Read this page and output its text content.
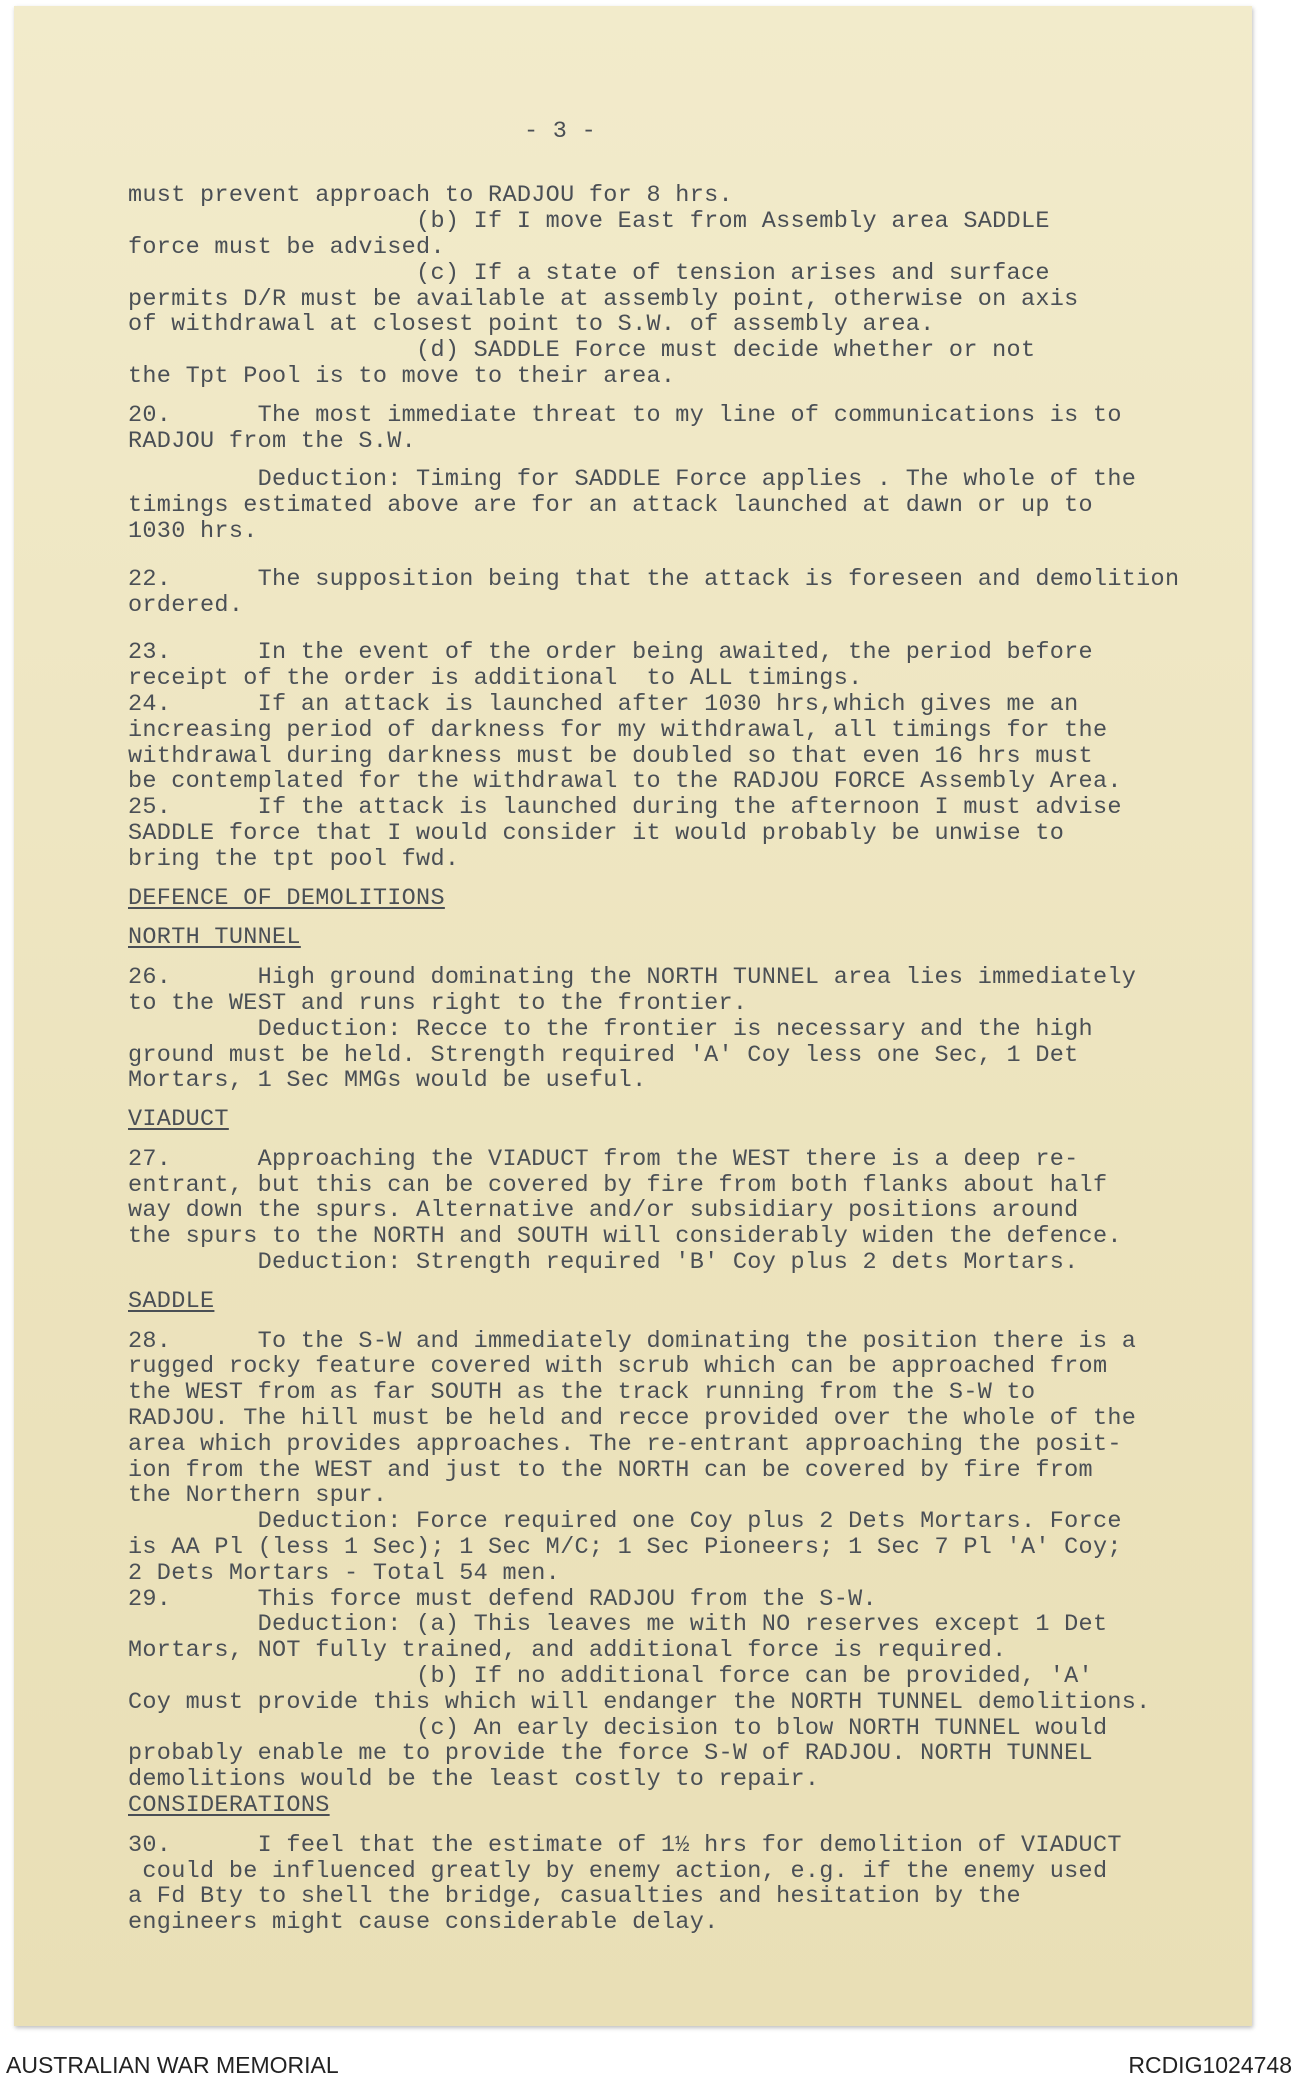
- 3 -

must prevent approach to RADJOU for 8 hrs.
(b) If I move East from Assembly area SADDLE
force must be advised.
(c) If a state of tension arises and surface
permits D/R must be available at assembly point, otherwise on axis
of withdrawal at closest point to S.W. of assembly area.
(d) SADDLE Force must decide whether or not
the Tpt Pool is to move to their area.
20.      The most immediate threat to my line of communications is to
RADJOU from the S.W.
Deduction: Timing for SADDLE Force applies . The whole of the
timings estimated above are for an attack launched at dawn or up to
1030 hrs.
22.      The supposition being that the attack is foreseen and demolition
ordered.
23.      In the event of the order being awaited, the period before
receipt of the order is additional  to ALL timings.
24.      If an attack is launched after 1030 hrs,which gives me an
increasing period of darkness for my withdrawal, all timings for the
withdrawal during darkness must be doubled so that even 16 hrs must
be contemplated for the withdrawal to the RADJOU FORCE Assembly Area.
25.      If the attack is launched during the afternoon I must advise
SADDLE force that I would consider it would probably be unwise to
bring the tpt pool fwd.
DEFENCE OF DEMOLITIONS
NORTH TUNNEL
26.      High ground dominating the NORTH TUNNEL area lies immediately
to the WEST and runs right to the frontier.
Deduction: Recce to the frontier is necessary and the high
ground must be held. Strength required 'A' Coy less one Sec, 1 Det
Mortars, 1 Sec MMGs would be useful.
VIADUCT
27.      Approaching the VIADUCT from the WEST there is a deep re-
entrant, but this can be covered by fire from both flanks about half
way down the spurs. Alternative and/or subsidiary positions around
the spurs to the NORTH and SOUTH will considerably widen the defence.
Deduction: Strength required 'B' Coy plus 2 dets Mortars.
SADDLE
28.      To the S-W and immediately dominating the position there is a
rugged rocky feature covered with scrub which can be approached from
the WEST from as far SOUTH as the track running from the S-W to
RADJOU. The hill must be held and recce provided over the whole of the
area which provides approaches. The re-entrant approaching the posit-
ion from the WEST and just to the NORTH can be covered by fire from
the Northern spur.
Deduction: Force required one Coy plus 2 Dets Mortars. Force
is AA Pl (less 1 Sec); 1 Sec M/C; 1 Sec Pioneers; 1 Sec 7 Pl 'A' Coy;
2 Dets Mortars - Total 54 men.
29.      This force must defend RADJOU from the S-W.
Deduction: (a) This leaves me with NO reserves except 1 Det
Mortars, NOT fully trained, and additional force is required.
(b) If no additional force can be provided, 'A'
Coy must provide this which will endanger the NORTH TUNNEL demolitions.
(c) An early decision to blow NORTH TUNNEL would
probably enable me to provide the force S-W of RADJOU. NORTH TUNNEL
demolitions would be the least costly to repair.
CONSIDERATIONS
30.      I feel that the estimate of 1½ hrs for demolition of VIADUCT
could be influenced greatly by enemy action, e.g. if the enemy used
a Fd Bty to shell the bridge, casualties and hesitation by the
engineers might cause considerable delay.
AUSTRALIAN WAR MEMORIAL	RCDIG1024748
